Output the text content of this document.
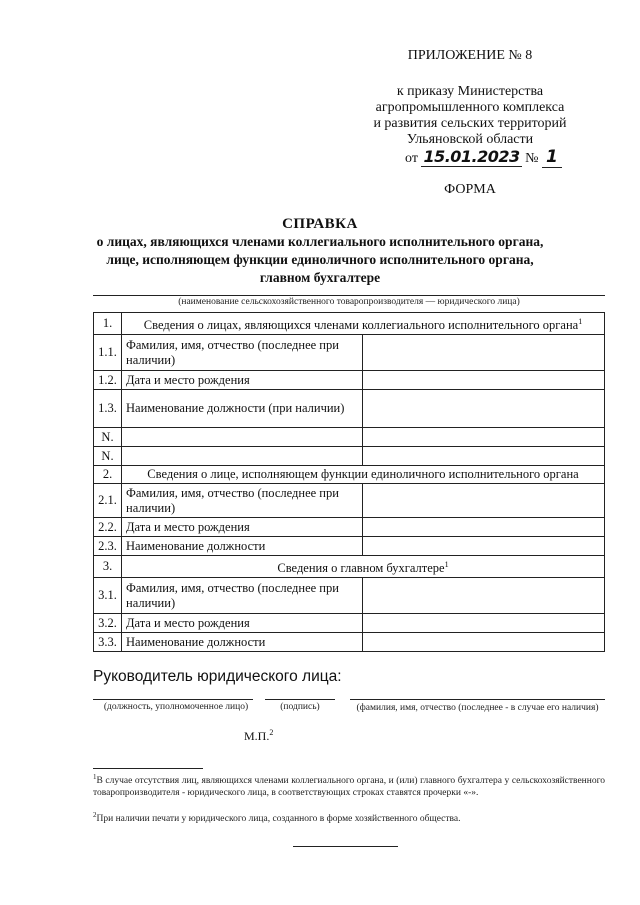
ПРИЛОЖЕНИЕ № 8
к приказу Министерства
агропромышленного комплекса
и развития сельских территорий
Ульяновской области
от 15.01.2023 № 1
ФОРМА
СПРАВКА
о лицах, являющихся членами коллегиального исполнительного органа,
лице, исполняющем функции единоличного исполнительного органа,
главном бухгалтере
(наименование сельскохозяйственного товаропроизводителя — юридического лица)
1.	Сведения о лицах, являющихся членами коллегиального исполнительного органа$^1$
1.1.	Фамилия, имя, отчество (последнее при наличии)	
1.2.	Дата и место рождения	
1.3.	Наименование должности (при наличии)	
N.		
N.		
2.	Сведения о лице, исполняющем функции единоличного исполнительного органа	
2.1.	Фамилия, имя, отчество (последнее при наличии)	
2.2.	Дата и место рождения	
2.3.	Наименование должности	
3.	Сведения о главном бухгалтере$^1$
3.1.	Фамилия, имя, отчество (последнее при наличии)	
3.2.	Дата и место рождения	
3.3.	Наименование должности	
Руководитель юридического лица:
(должность, уполномоченное лицо)	(подпись)	(фамилия, имя, отчество (последнее - в случае его наличия)
М.П.$^2$
$^1$В случае отсутствия лиц, являющихся членами коллегиального органа, и (или) главного бухгалтера у сельскохозяйственного товаропроизводителя - юридического лица, в соответствующих строках ставятся прочерки «-».
$^2$При наличии печати у юридического лица, созданного в форме хозяйственного общества.
